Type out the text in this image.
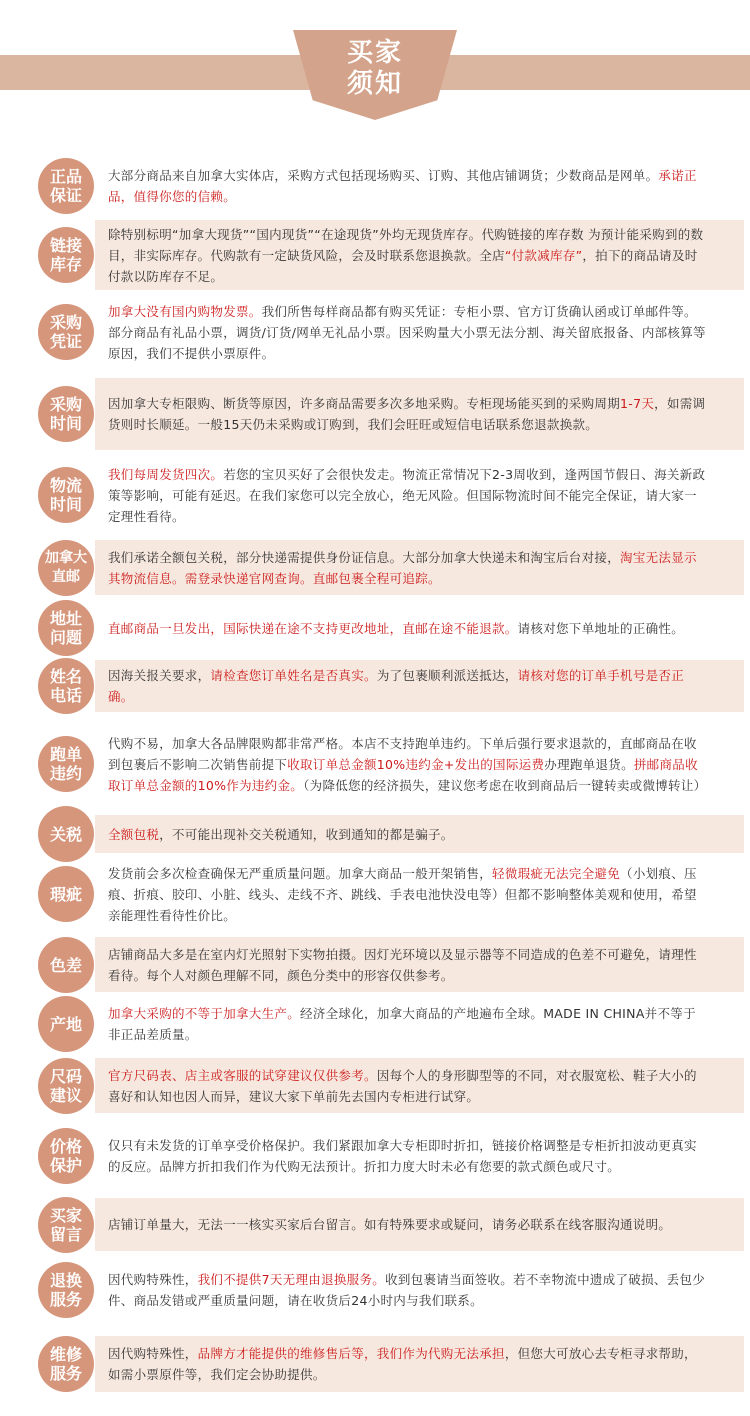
买家
须知
正品
保证
大部分商品来自加拿大实体店，采购方式包括现场购买、订购、其他店铺调货；少数商品是网单。承诺正品，值得你您的信赖。
链接
库存
除特别标明“加拿大现货”“国内现货”“在途现货”外均无现货库存。代购链接的库存数 为预计能采购到的数目，非实际库存。代购款有一定缺货风险，会及时联系您退换款。全店“付款减库存”，拍下的商品请及时付款以防库存不足。
采购
凭证
加拿大没有国内购物发票。我们所售每样商品都有购买凭证：专柜小票、官方订货确认函或订单邮件等。部分商品有礼品小票，调货/订货/网单无礼品小票。因采购量大小票无法分割、海关留底报备、内部核算等原因，我们不提供小票原件。
采购
时间
因加拿大专柜限购、断货等原因，许多商品需要多次多地采购。专柜现场能买到的采购周期1-7天，如需调货则时长顺延。一般15天仍未采购或订购到，我们会旺旺或短信电话联系您退款换款。
物流
时间
我们每周发货四次。若您的宝贝买好了会很快发走。物流正常情况下2-3周收到，逢两国节假日、海关新政策等影响，可能有延迟。在我们家您可以完全放心，绝无风险。但国际物流时间不能完全保证，请大家一定理性看待。
加拿大
直邮
我们承诺全额包关税，部分快递需提供身份证信息。大部分加拿大快递未和淘宝后台对接，淘宝无法显示其物流信息。需登录快递官网查询。直邮包裹全程可追踪。
地址
问题 直邮商品一旦发出，国际快递在途不支持更改地址，直邮在途不能退款。请核对您下单地址的正确性。
姓名
电话
因海关报关要求，请检查您订单姓名是否真实。为了包裹顺利派送抵达，请核对您的订单手机号是否正确。
跑单
违约
代购不易，加拿大各品牌限购都非常严格。本店不支持跑单违约。下单后强行要求退款的，直邮商品在收到包裹后不影响二次销售前提下收取订单总金额10%违约金+发出的国际运费办理跑单退货。拼邮商品收取订单总金额的10%作为违约金。（为降低您的经济损失，建议您考虑在收到商品后一键转卖或微博转让）
关税 全额包税，不可能出现补交关税通知，收到通知的都是骗子。
瑕疵
发货前会多次检查确保无严重质量问题。加拿大商品一般开架销售，轻微瑕疵无法完全避免（小划痕、压痕、折痕、胶印、小脏、线头、走线不齐、跳线、手表电池快没电等）但都不影响整体美观和使用，希望亲能理性看待性价比。
色差
店铺商品大多是在室内灯光照射下实物拍摄。因灯光环境以及显示器等不同造成的色差不可避免，请理性看待。每个人对颜色理解不同，颜色分类中的形容仅供参考。
产地
加拿大采购的不等于加拿大生产。经济全球化，加拿大商品的产地遍布全球。MADE IN CHINA并不等于非正品差质量。
尺码
建议
官方尺码表、店主或客服的试穿建议仅供参考。因每个人的身形脚型等的不同，对衣服宽松、鞋子大小的喜好和认知也因人而异，建议大家下单前先去国内专柜进行试穿。
价格
保护
仅只有未发货的订单享受价格保护。我们紧跟加拿大专柜即时折扣，链接价格调整是专柜折扣波动更真实的反应。品牌方折扣我们作为代购无法预计。折扣力度大时未必有您要的款式颜色或尺寸。
买家
留言
店铺订单量大，无法一一核实买家后台留言。如有特殊要求或疑问，请务必联系在线客服沟通说明。
退换
服务
因代购特殊性，我们不提供7天无理由退换服务。收到包裹请当面签收。若不幸物流中遗成了破损、丢包少件、商品发错或严重质量问题，请在收货后24小时内与我们联系。
维修
服务
因代购特殊性，品牌方才能提供的维修售后等，我们作为代购无法承担，但您大可放心去专柜寻求帮助，如需小票原件等，我们定会协助提供。
